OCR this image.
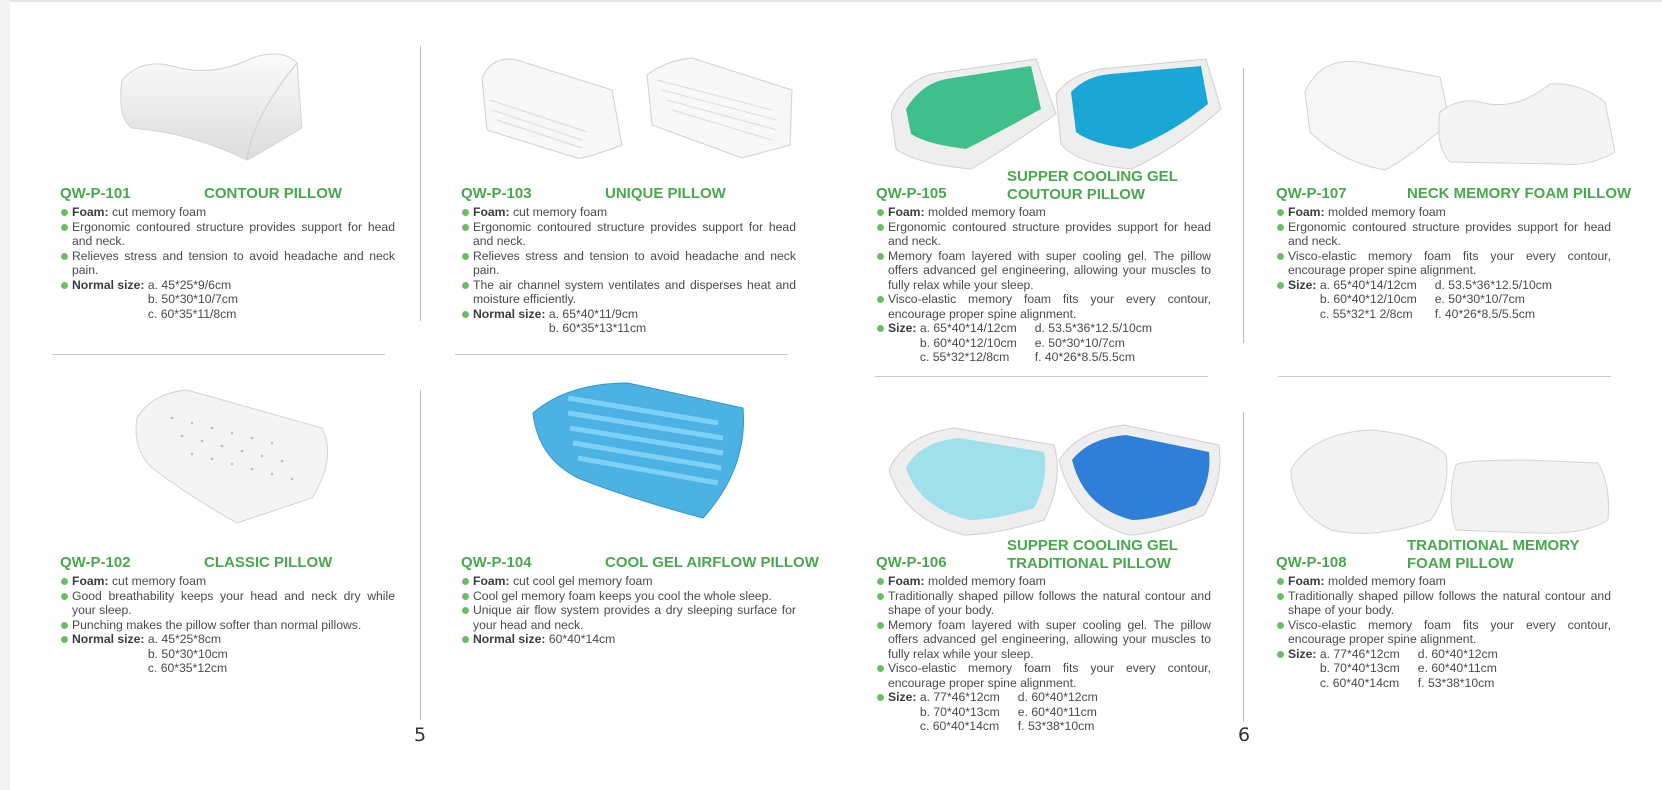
5	6
QW-P-101	CONTOUR PILLOW
Foam: cut memory foam
Ergonomic contoured structure provides support for head and neck.
Relieves stress and tension to avoid headache and neck pain.
Normal size: a. 45*25*9/6cm
b. 50*30*10/7cm
c. 60*35*11/8cm
QW-P-103	UNIQUE PILLOW
Foam: cut memory foam
Ergonomic contoured structure provides support for head and neck.
Relieves stress and tension to avoid headache and neck pain.
The air channel system ventilates and disperses heat and moisture efficiently.
Normal size: a. 65*40*11/9cm
b. 60*35*13*11cm
QW-P-105
SUPPER COOLING GEL
COUTOUR PILLOW
Foam: molded memory foam
Ergonomic contoured structure provides support for head and neck.
Memory foam layered with super cooling gel. The pillow offers advanced gel engineering, allowing your muscles to fully relax while your sleep.
Visco-elastic memory foam fits your every contour, encourage proper spine alignment.
Size: a. 65*40*14/12cm d. 53.5*36*12.5/10cm
b. 60*40*12/10cm e. 50*30*10/7cm
c. 55*32*12/8cm	f. 40*26*8.5/5.5cm
QW-P-107	NECK MEMORY FOAM PILLOW
Foam: molded memory foam
Ergonomic contoured structure provides support for head and neck.
Visco-elastic memory foam fits your every contour, encourage proper spine alignment.
Size: a. 65*40*14/12cm d. 53.5*36*12.5/10cm
b. 60*40*12/10cm e. 50*30*10/7cm
c. 55*32*1 2/8cm	f. 40*26*8.5/5.5cm
QW-P-102	CLASSIC PILLOW
Foam: cut memory foam
Good breathability keeps your head and neck dry while your sleep.
Punching makes the pillow softer than normal pillows.
Normal size: a. 45*25*8cm
b. 50*30*10cm
c. 60*35*12cm
QW-P-104	COOL GEL AIRFLOW PILLOW
Foam: cut cool gel memory foam
Cool gel memory foam keeps you cool the whole sleep.
Unique air flow system provides a dry sleeping surface for your head and neck.
Normal size: 60*40*14cm
QW-P-106
SUPPER COOLING GEL
TRADITIONAL PILLOW
Foam: molded memory foam
Traditionally shaped pillow follows the natural contour and shape of your body.
Memory foam layered with super cooling gel. The pillow offers advanced gel engineering, allowing your muscles to fully relax while your sleep.
Visco-elastic memory foam fits your every contour, encourage proper spine alignment.
Size: a. 77*46*12cm d. 60*40*12cm
b. 70*40*13cm e. 60*40*11cm
c. 60*40*14cm f. 53*38*10cm
QW-P-108
TRADITIONAL MEMORY
FOAM PILLOW
Foam: molded memory foam
Traditionally shaped pillow follows the natural contour and shape of your body.
Visco-elastic memory foam fits your every contour, encourage proper spine alignment.
Size: a. 77*46*12cm d. 60*40*12cm
b. 70*40*13cm e. 60*40*11cm
c. 60*40*14cm f. 53*38*10cm
